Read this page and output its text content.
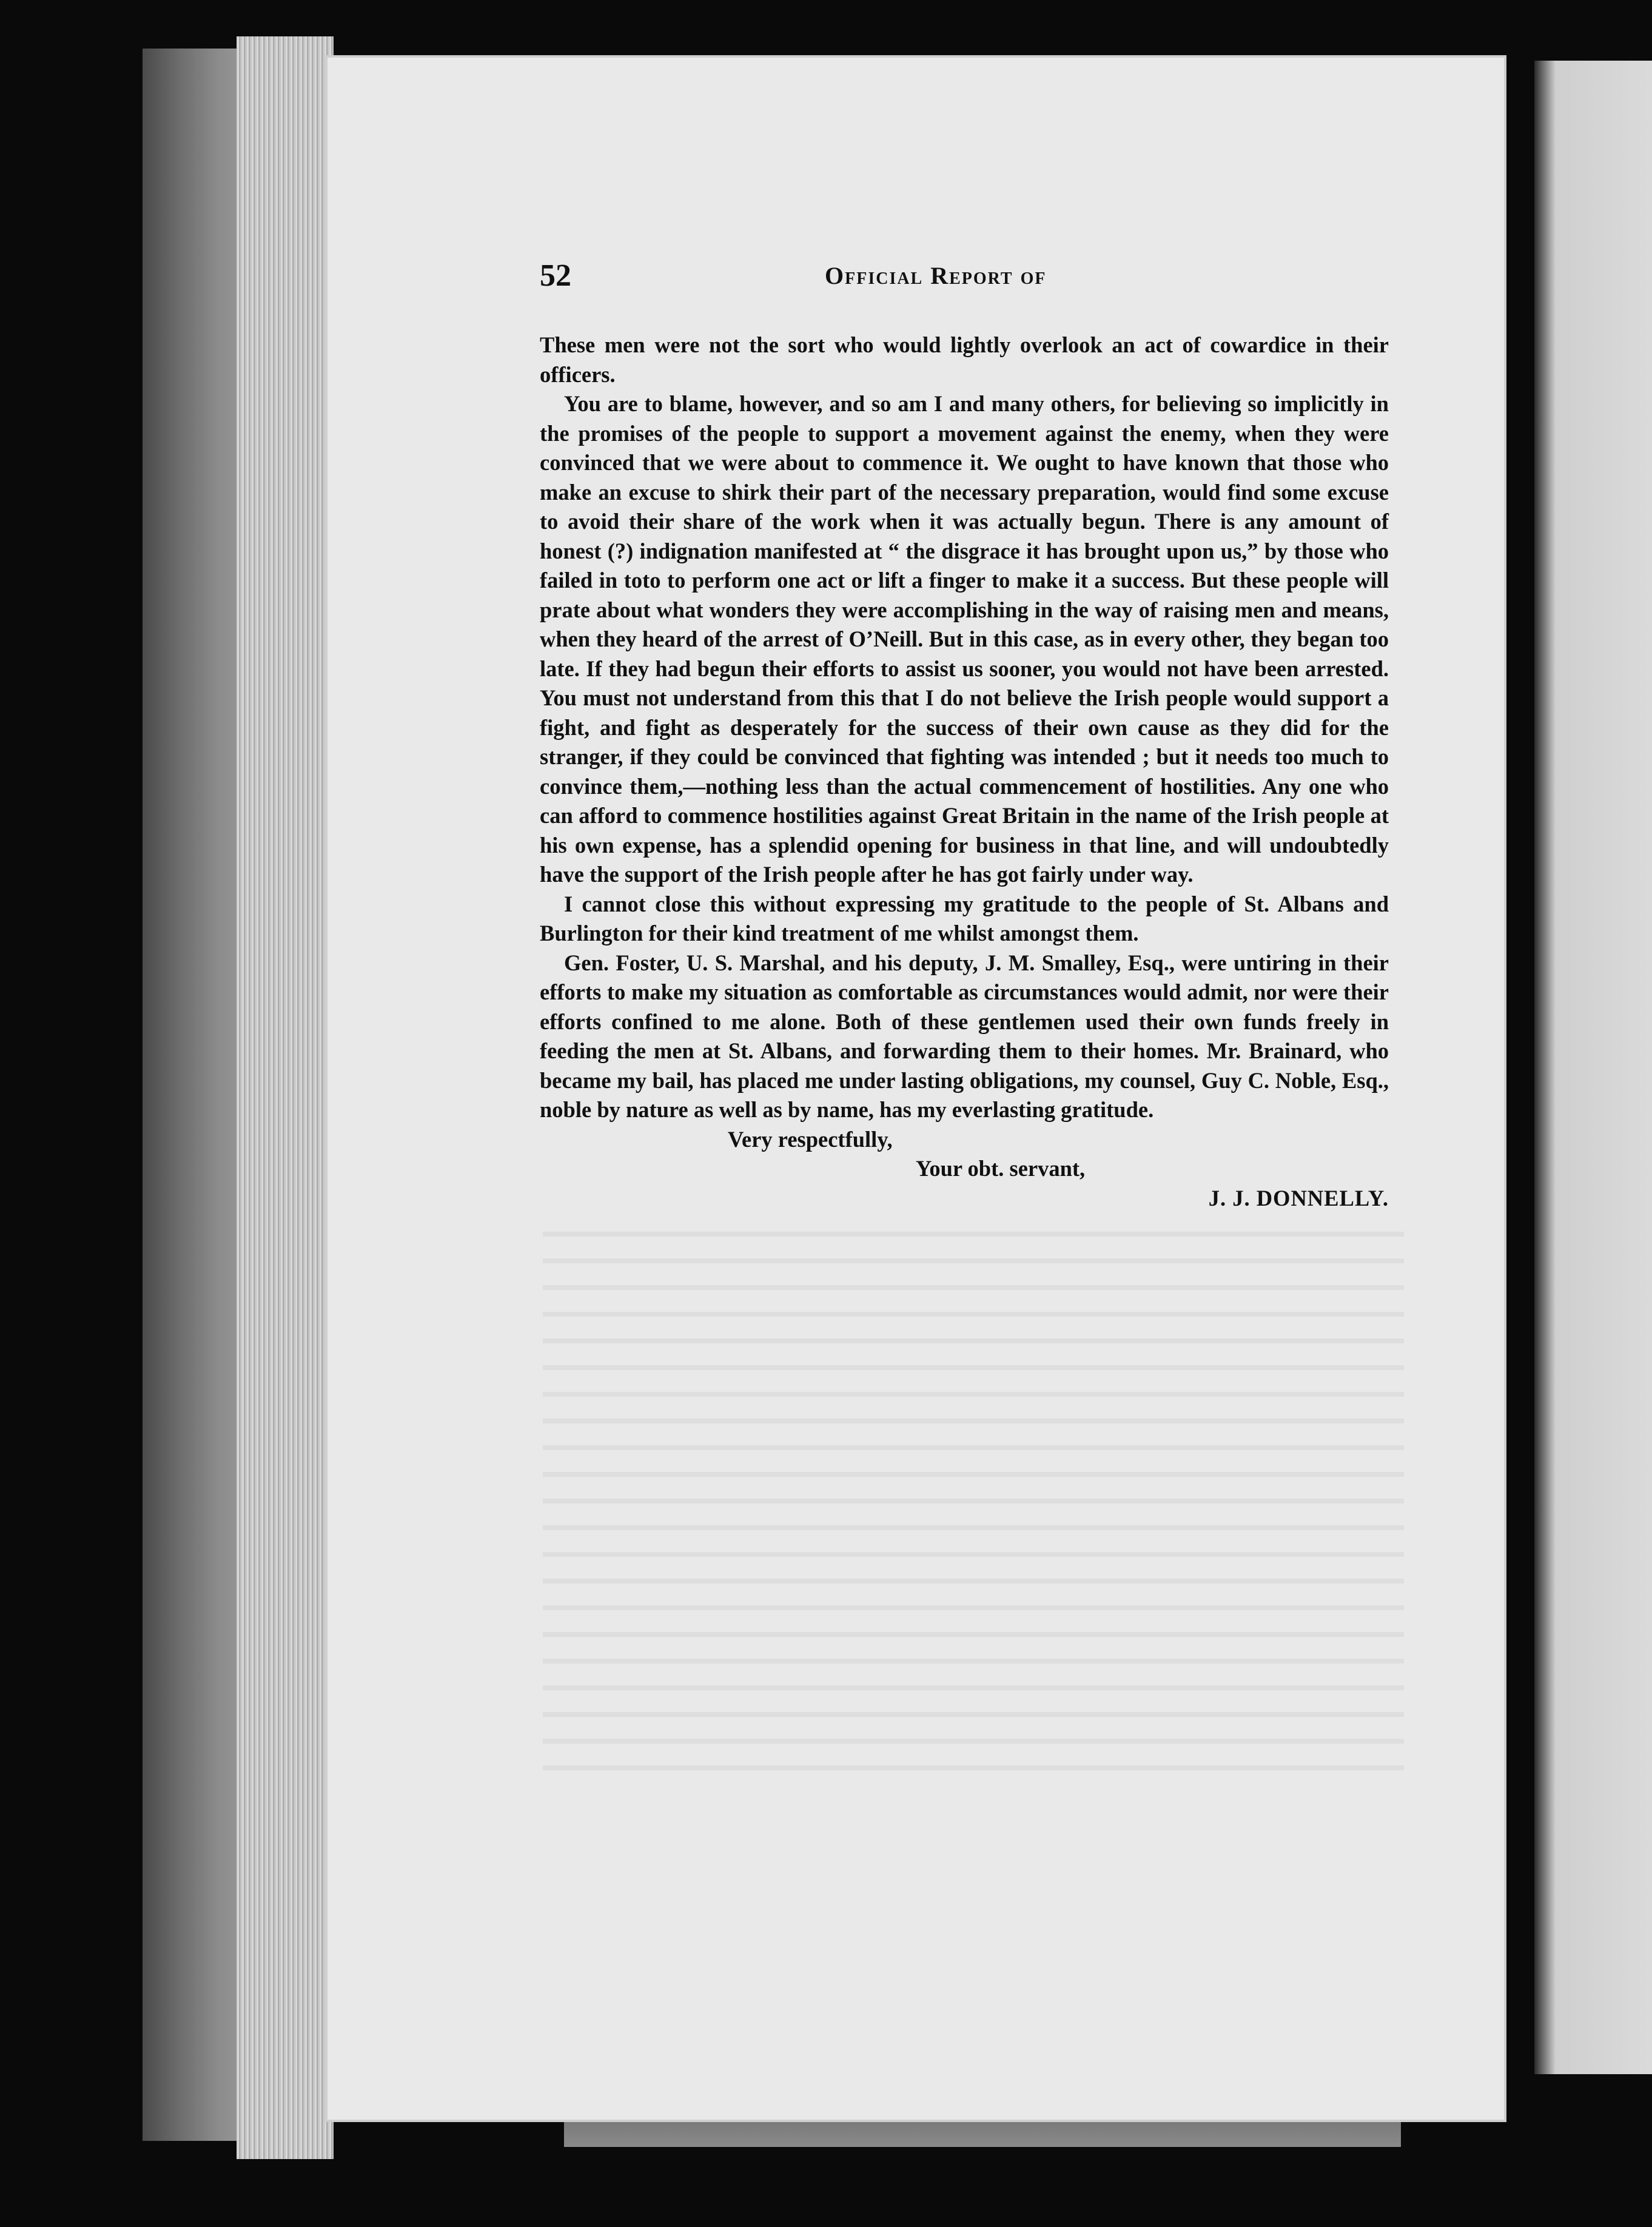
52	Official Report of

These men were not the sort who would lightly overlook an act of cowardice in their officers.

You are to blame, however, and so am I and many others, for believing so implicitly in the promises of the people to support a movement against the enemy, when they were convinced that we were about to commence it. We ought to have known that those who make an excuse to shirk their part of the necessary preparation, would find some excuse to avoid their share of the work when it was actually begun. There is any amount of honest (?) indignation manifested at “ the disgrace it has brought upon us,” by those who failed in toto to perform one act or lift a finger to make it a success. But these people will prate about what wonders they were accomplishing in the way of raising men and means, when they heard of the arrest of O’Neill. But in this case, as in every other, they began too late. If they had begun their efforts to assist us sooner, you would not have been arrested. You must not understand from this that I do not believe the Irish people would support a fight, and fight as desperately for the success of their own cause as they did for the stranger, if they could be convinced that fighting was intended ; but it needs too much to convince them,—nothing less than the actual commencement of hostilities. Any one who can afford to commence hostilities against Great Britain in the name of the Irish people at his own expense, has a splendid opening for business in that line, and will undoubtedly have the support of the Irish people after he has got fairly under way.

I cannot close this without expressing my gratitude to the people of St. Albans and Burlington for their kind treatment of me whilst amongst them.

Gen. Foster, U. S. Marshal, and his deputy, J. M. Smalley, Esq., were untiring in their efforts to make my situation as comfortable as circumstances would admit, nor were their efforts confined to me alone. Both of these gentlemen used their own funds freely in feeding the men at St. Albans, and forwarding them to their homes. Mr. Brainard, who became my bail, has placed me under lasting obligations, my counsel, Guy C. Noble, Esq., noble by nature as well as by name, has my everlasting gratitude.

Very respectfully,
Your obt. servant,
J. J. DONNELLY.
